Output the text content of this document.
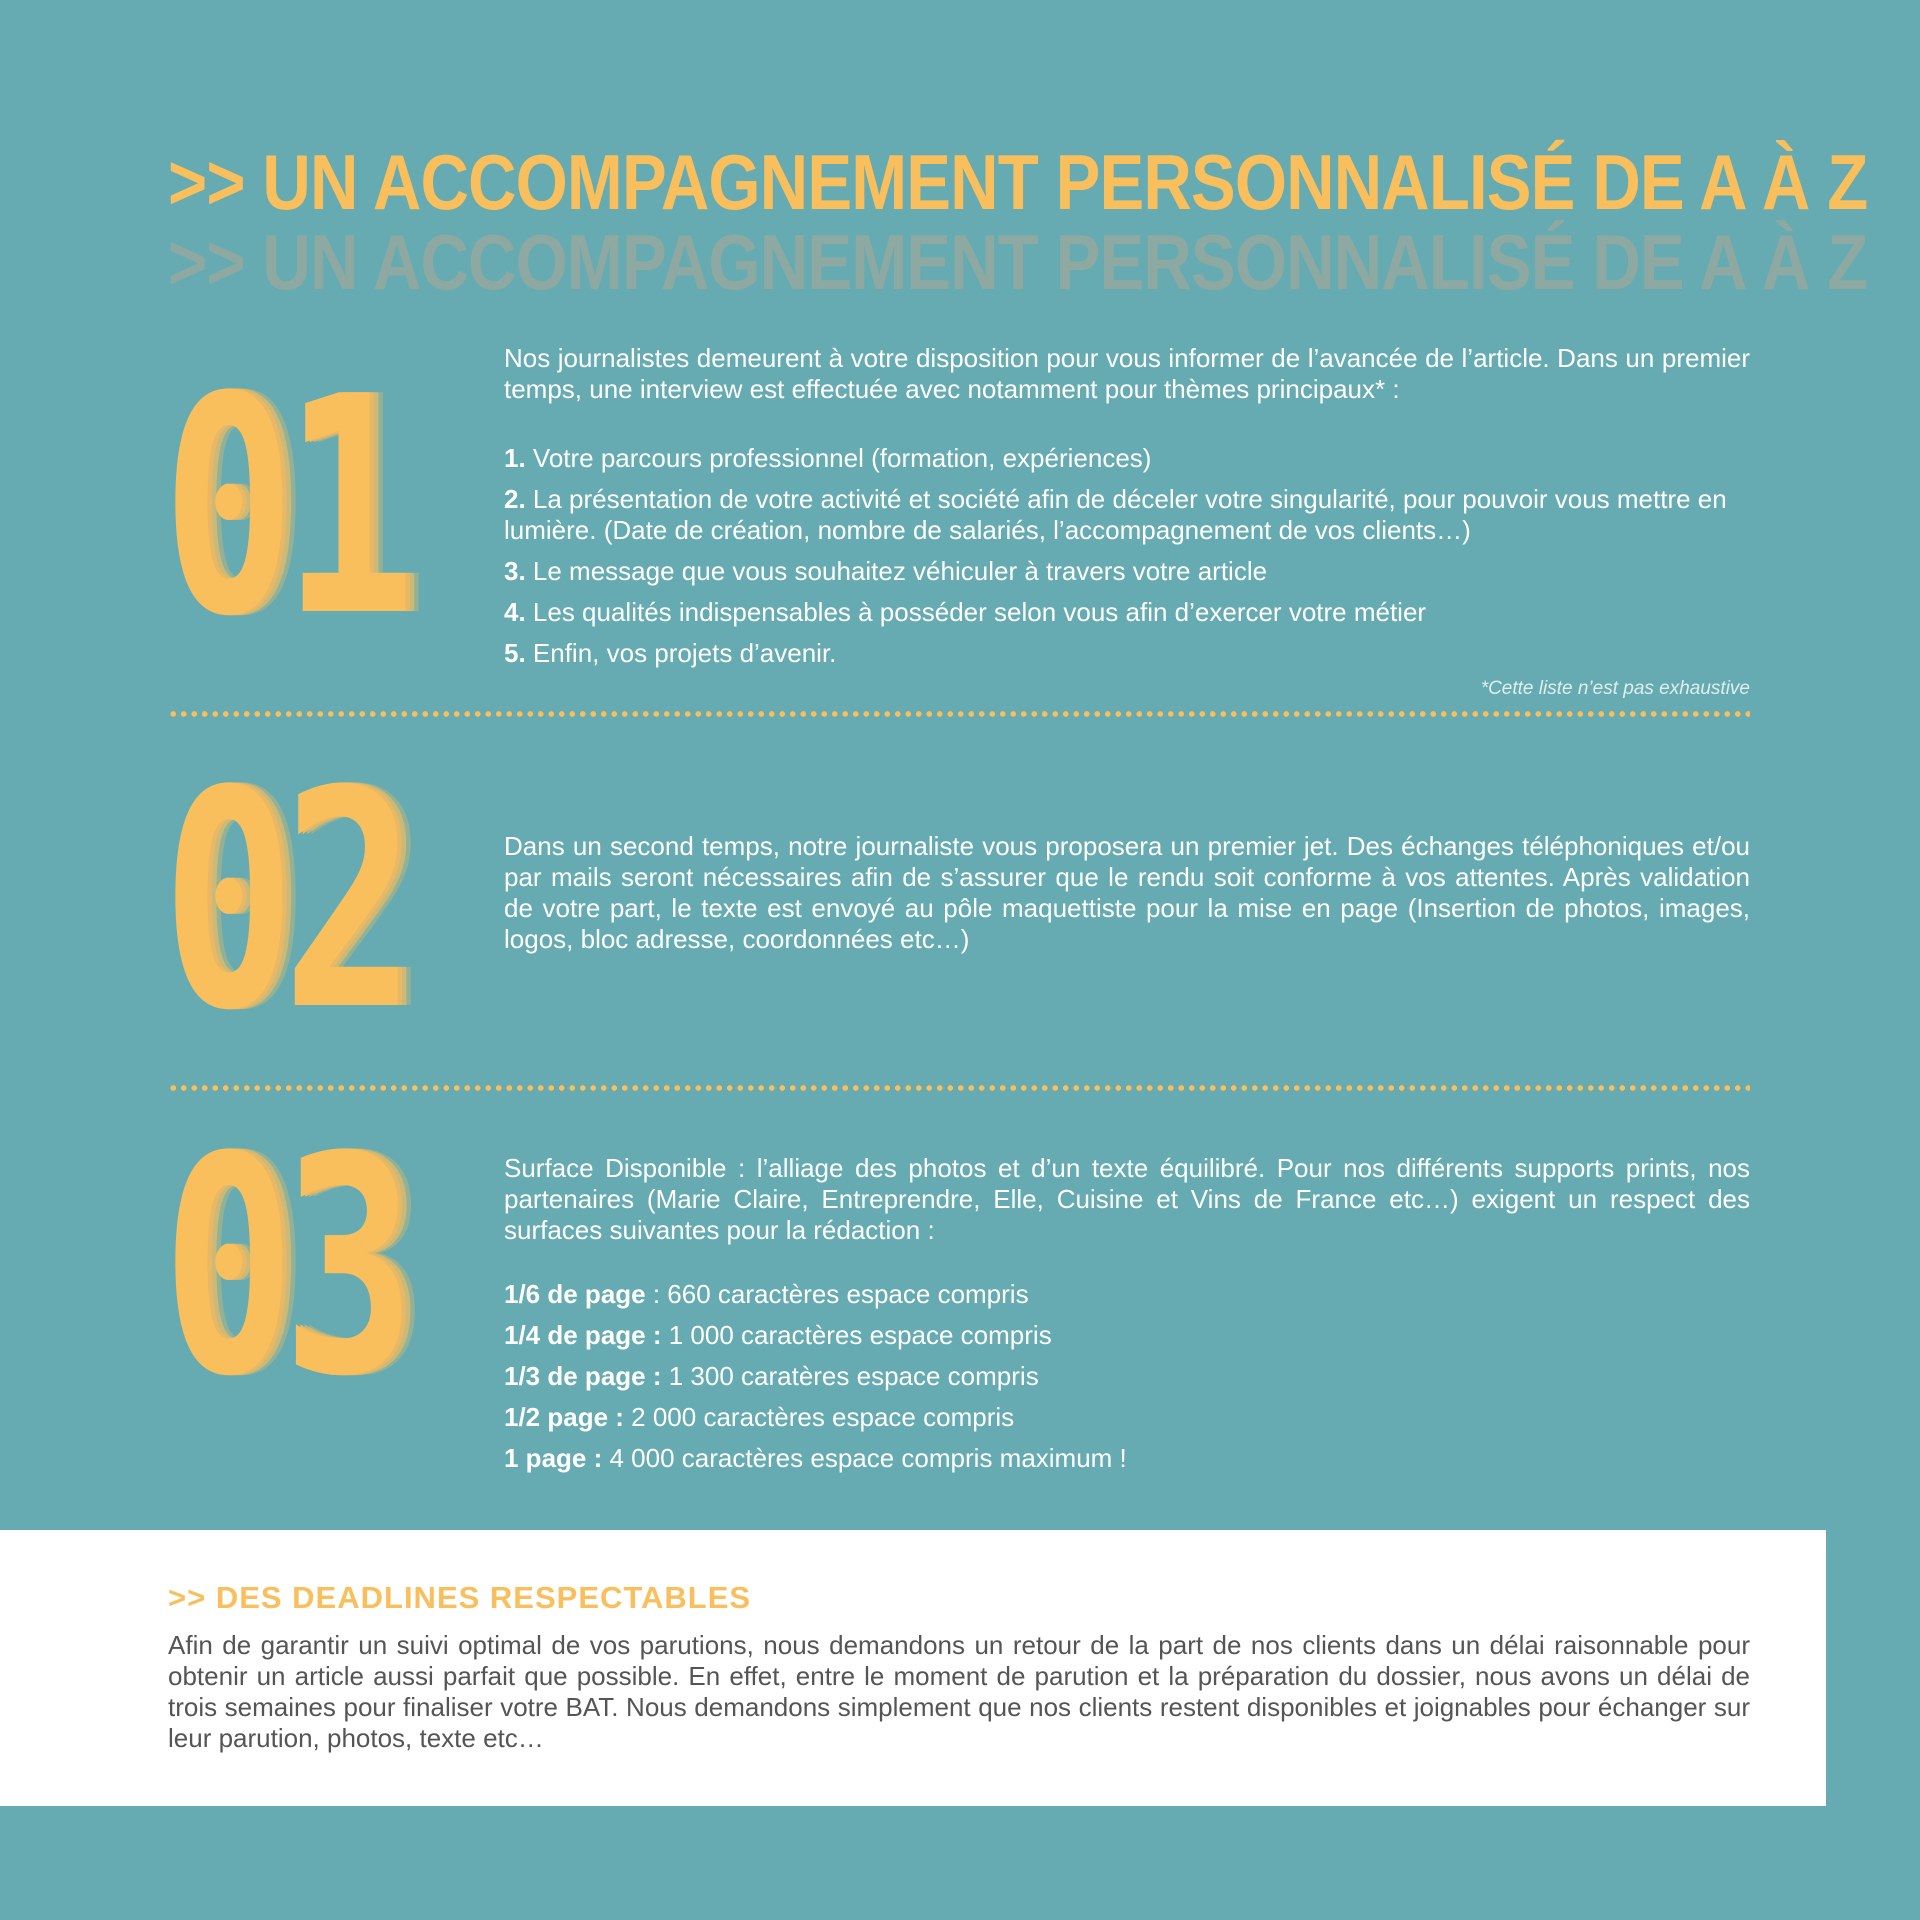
>> UN ACCOMPAGNEMENT PERSONNALISÉ DE A À Z
>> UN ACCOMPAGNEMENT PERSONNALISÉ DE A À Z
01	Nos journalistes demeurent à votre disposition pour vous informer de l’avancée de l’article. Dans un premier temps, une interview est effectuée avec notamment pour thèmes principaux* :
1. Votre parcours professionnel (formation, expériences)
2. La présentation de votre activité et société afin de déceler votre singularité, pour pouvoir vous mettre en lumière. (Date de création, nombre de salariés, l’accompagnement de vos clients…)
3. Le message que vous souhaitez véhiculer à travers votre article
4. Les qualités indispensables à posséder selon vous afin d’exercer votre métier
5. Enfin, vos projets d’avenir.
*Cette liste n’est pas exhaustive
02	Dans un second temps, notre journaliste vous proposera un premier jet. Des échanges téléphoniques et/ou par mails seront nécessaires afin de s’assurer que le rendu soit conforme à vos attentes. Après validation de votre part, le texte est envoyé au pôle maquettiste pour la mise en page (Insertion de photos, images, logos, bloc adresse, coordonnées etc…)
03	Surface Disponible : l’alliage des photos et d’un texte équilibré. Pour nos différents supports prints, nos partenaires (Marie Claire, Entreprendre, Elle, Cuisine et Vins de France etc…) exigent un respect des surfaces suivantes pour la rédaction :
1/6 de page : 660 caractères espace compris
1/4 de page : 1 000 caractères espace compris
1/3 de page : 1 300 caratères espace compris
1/2 page : 2 000 caractères espace compris
1 page : 4 000 caractères espace compris maximum !
>> DES DEADLINES RESPECTABLES
Afin de garantir un suivi optimal de vos parutions, nous demandons un retour de la part de nos clients dans un délai raisonnable pour obtenir un article aussi parfait que possible. En effet, entre le moment de parution et la préparation du dossier, nous avons un délai de trois semaines pour finaliser votre BAT. Nous demandons simplement que nos clients restent disponibles et joignables pour échanger sur leur parution, photos, texte etc…
